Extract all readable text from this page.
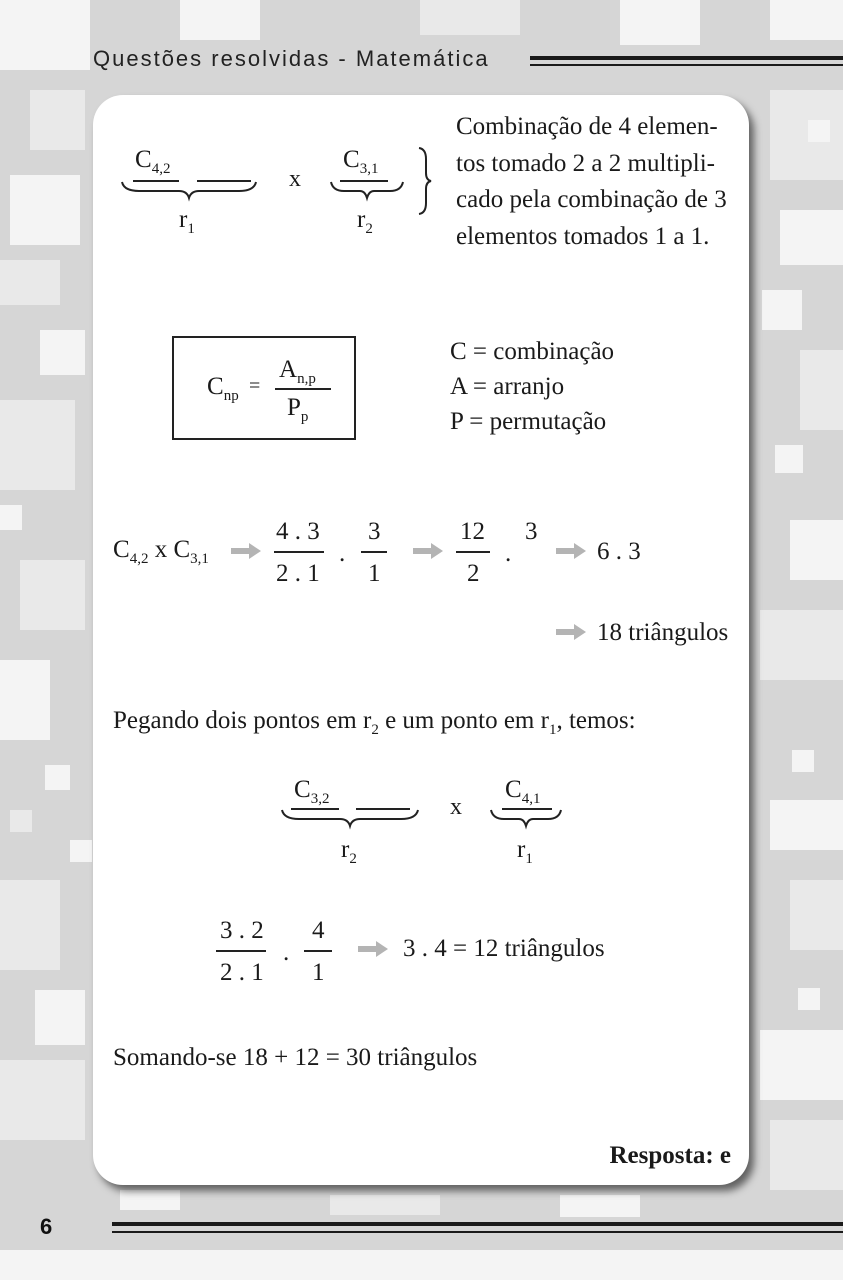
Questões resolvidas - Matemática
$C_{4,2}$
$r_1$
x
$C_{3,1}$
$r_2$
Combinação de 4 elemen-
tos tomado 2 a 2 multipli-
cado pela combinação de 3
elementos tomados 1 a 1.
$C_{np}$ =
$A_{n,p}$
$P_p$
C = combinação
A = arranjo
P = permutação
$C_{4,2}$ x $C_{3,1}$
4 . 3
2 . 1
.
3
1
12
2
.
3
6 . 3
18 triângulos
Pegando dois pontos em $r_2$ e um ponto em $r_1$, temos:
$C_{3,2}$
$r_2$
x
$C_{4,1}$
$r_1$
3 . 2
2 . 1
.
4
1
3 . 4 = 12 triângulos
Somando-se 18 + 12 = 30 triângulos
Resposta: e
6
